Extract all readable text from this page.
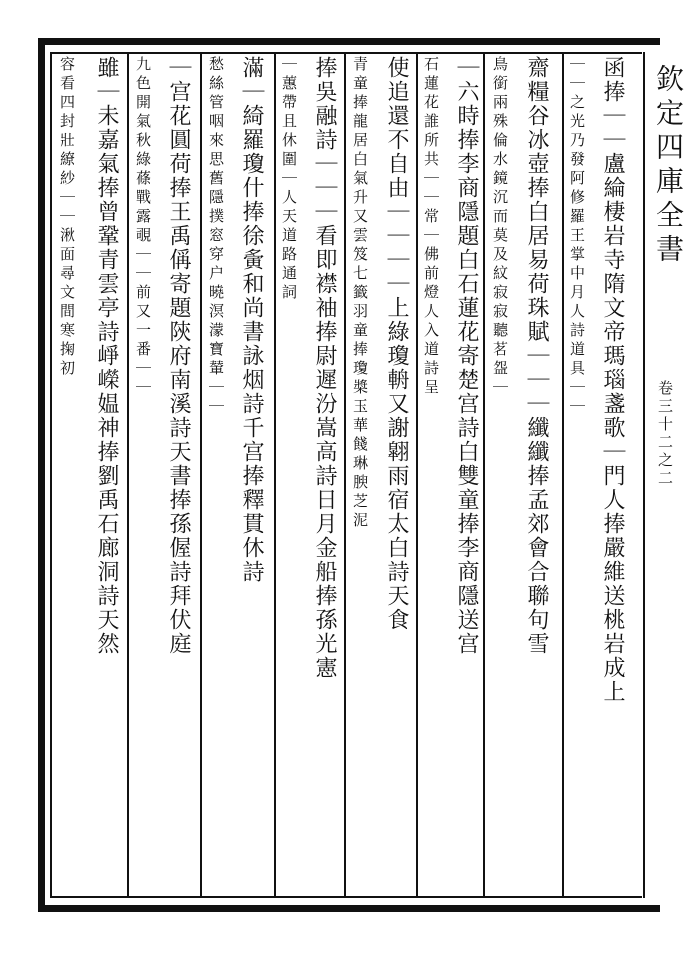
欽定四庫全書
卷三十二之二
函捧｜｜盧綸棲岩寺隋文帝瑪瑙盞歌｜門人捧嚴維送桃岩成上
｜｜之光乃發阿修羅王掌中月人詩道具｜｜
齋糧谷冰壺捧白居易荷珠賦｜｜｜纖纖捧孟郊會合聯句雪
鳥銜兩殊倫水鏡沉而莫及紋寂寂聽茗盌｜
｜六時捧李商隱題白石蓮花寄楚宫詩白雙童捧李商隱送宫
石蓮花誰所共｜｜常｜佛前燈人入道詩呈
使追還不自由｜｜｜｜上綠瓊輈又謝翶雨宿太白詩天食
青童捧龍居白氣升又雲笈七籤羽童捧瓊槳玉華餞琳腴芝泥
捧吳融詩｜｜｜看即襟袖捧尉遲汾嵩高詩日月金船捧孫光憲
｜蕙帶且休圍｜人天道路通詞
滿｜綺羅瓊什捧徐夤和尚書詠烟詩千宫捧釋貫休詩
愁絲管咽來思舊隱撲窓穿户曉溟濛寶輦｜｜
｜宫花圓荷捧王禹偁寄題陝府南溪詩天書捧孫偓詩拜伏庭
九色開氣秋綠蓧戰露覗｜｜前又一番｜｜
雖｜未嘉氣捧曾鞏青雲亭詩崢嶸媪神捧劉禹石廊洞詩天然
容看四封壯繚紗｜｜湫面尋文間寒掬初
